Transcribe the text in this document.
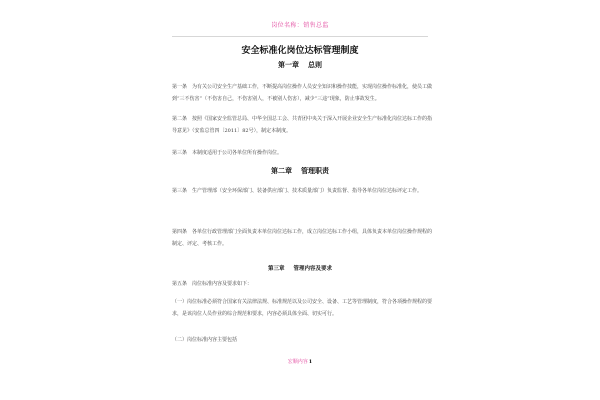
岗位名称：销售总监
安全标准化岗位达标管理制度
第一章 总则

第一条　为有关公司安全生产基础工作，不断提高岗位操作人员安全知识和操作技能，实现岗位操作标准化，使员工做到“三不伤害”（不伤害自己，不伤害别人，不被别人伤害），减少“三违”现象，防止事故发生。

第二条　按照《国家安全监管总局、中华全国总工会、共青团中央关于深入开展企业安全生产标准化岗位达标工作的指导意见》（安监总管四〔2011〕82号），制定本制度。

第三条　本制度适用于公司各单位所有操作岗位。

第二章 管理职责

第三条　生产管理部（安全环保部门、装备供应部门、技术质量部门）负责监督、指导各单位岗位达标评定工作。

第四条　各单位行政管理部门全面负责本单位岗位达标工作，成立岗位达标工作小组，具体负责本单位岗位操作规程的制定、评定、考核工作。

第三章 管理内容及要求

第五条　岗位标准内容及要求如下：

（一）岗位标准必须符合国家有关法律法规、标准规范以及公司安全、设备、工艺等管理制度，符合各项操作规程的要求，是该岗位人员作业的综合规范和要求，内容必须具体全面、切实可行。

（二）岗位标准内容主要包括

宏顺内容1
